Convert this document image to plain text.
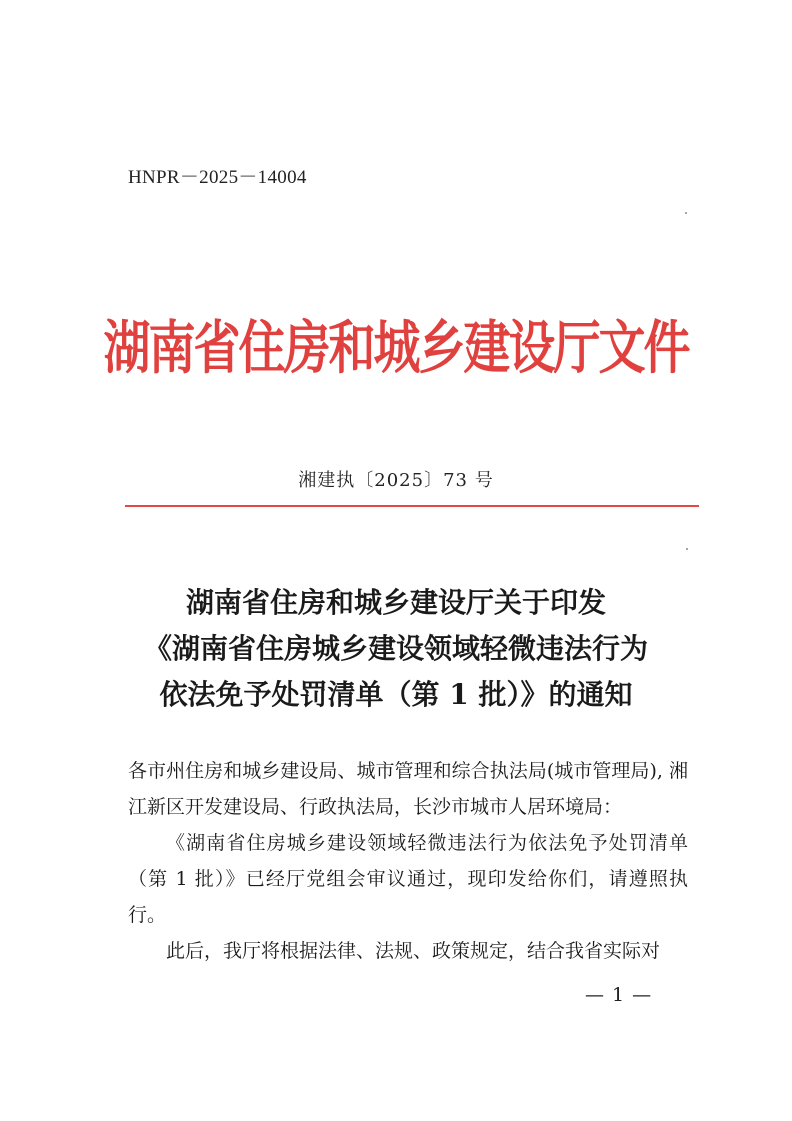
HNPR－2025－14004
湖南省住房和城乡建设厅文件
湘建执〔2025〕73 号
湖南省住房和城乡建设厅关于印发
《湖南省住房城乡建设领域轻微违法行为
依法免予处罚清单（第 1 批）》的通知

各市州住房和城乡建设局、城市管理和综合执法局(城市管理局), 湘江新区开发建设局、行政执法局，长沙市城市人居环境局：

《湖南省住房城乡建设领域轻微违法行为依法免予处罚清单（第 1 批）》已经厅党组会审议通过，现印发给你们，请遵照执行。

此后，我厅将根据法律、法规、政策规定，结合我省实际对

— 1 —
